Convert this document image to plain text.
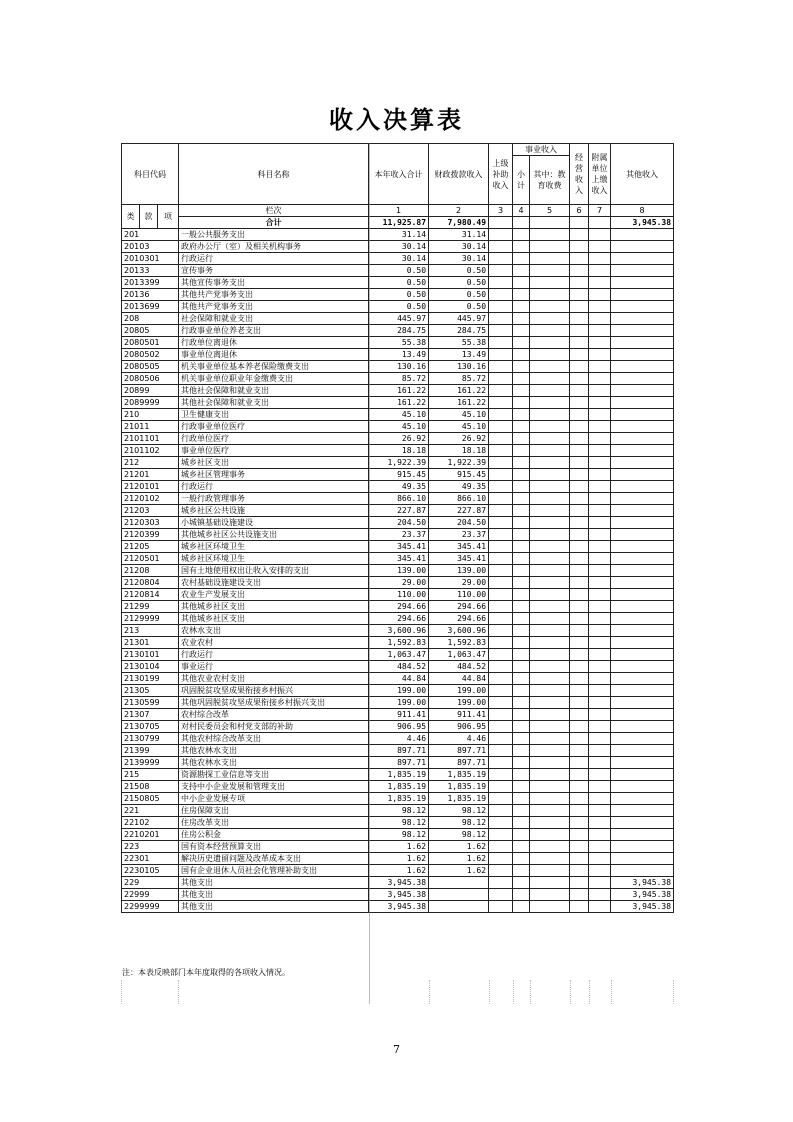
收入决算表
科目代码			科目名称	本年收入合计	财政拨款收入	上级补助收入	事业收入		经营收入	附属单位上缴收入	其他收入
							小计	其中：教育收费			

类	款	项	栏次	1	2	3	4	5	6	7	8
			合计	11,925.87	7,980.49						3,945.38
201			一般公共服务支出	31.14	31.14						
20103			政府办公厅（室）及相关机构事务	30.14	30.14						
2010301			行政运行	30.14	30.14						
20133			宣传事务	0.50	0.50						
2013399			其他宣传事务支出	0.50	0.50						
20136			其他共产党事务支出	0.50	0.50						
2013699			其他共产党事务支出	0.50	0.50						
208			社会保障和就业支出	445.97	445.97						
20805			行政事业单位养老支出	284.75	284.75						
2080501			行政单位离退休	55.38	55.38						
2080502			事业单位离退休	13.49	13.49						
2080505			机关事业单位基本养老保险缴费支出	130.16	130.16						
2080506			机关事业单位职业年金缴费支出	85.72	85.72						
20899			其他社会保障和就业支出	161.22	161.22						
2089999			其他社会保障和就业支出	161.22	161.22						
210			卫生健康支出	45.10	45.10						
21011			行政事业单位医疗	45.10	45.10						
2101101			行政单位医疗	26.92	26.92						
2101102			事业单位医疗	18.18	18.18						
212			城乡社区支出	1,922.39	1,922.39						
21201			城乡社区管理事务	915.45	915.45						
2120101			行政运行	49.35	49.35						
2120102			一般行政管理事务	866.10	866.10						
21203			城乡社区公共设施	227.87	227.87						
2120303			小城镇基础设施建设	204.50	204.50						
2120399			其他城乡社区公共设施支出	23.37	23.37						
21205			城乡社区环境卫生	345.41	345.41						
2120501			城乡社区环境卫生	345.41	345.41						
21208			国有土地使用权出让收入安排的支出	139.00	139.00						
2120804			农村基础设施建设支出	29.00	29.00						
2120814			农业生产发展支出	110.00	110.00						
21299			其他城乡社区支出	294.66	294.66						
2129999			其他城乡社区支出	294.66	294.66						
213			农林水支出	3,600.96	3,600.96						
21301			农业农村	1,592.83	1,592.83						
2130101			行政运行	1,063.47	1,063.47						
2130104			事业运行	484.52	484.52						
2130199			其他农业农村支出	44.84	44.84						
21305			巩固脱贫攻坚成果衔接乡村振兴	199.00	199.00						
2130599			其他巩固脱贫攻坚成果衔接乡村振兴支出	199.00	199.00						
21307			农村综合改革	911.41	911.41						
2130705			对村民委员会和村党支部的补助	906.95	906.95						
2130799			其他农村综合改革支出	4.46	4.46						
21399			其他农林水支出	897.71	897.71						
2139999			其他农林水支出	897.71	897.71						
215			资源勘探工业信息等支出	1,835.19	1,835.19						
21508			支持中小企业发展和管理支出	1,835.19	1,835.19						
2150805			中小企业发展专项	1,835.19	1,835.19						
221			住房保障支出	98.12	98.12						
22102			住房改革支出	98.12	98.12						
2210201			住房公积金	98.12	98.12						
223			国有资本经营预算支出	1.62	1.62						
22301			解决历史遗留问题及改革成本支出	1.62	1.62						
2230105			国有企业退休人员社会化管理补助支出	1.62	1.62						
229			其他支出	3,945.38							3,945.38
22999			其他支出	3,945.38							3,945.38
2299999			其他支出	3,945.38							3,945.38
注：本表反映部门本年度取得的各项收入情况。
7
